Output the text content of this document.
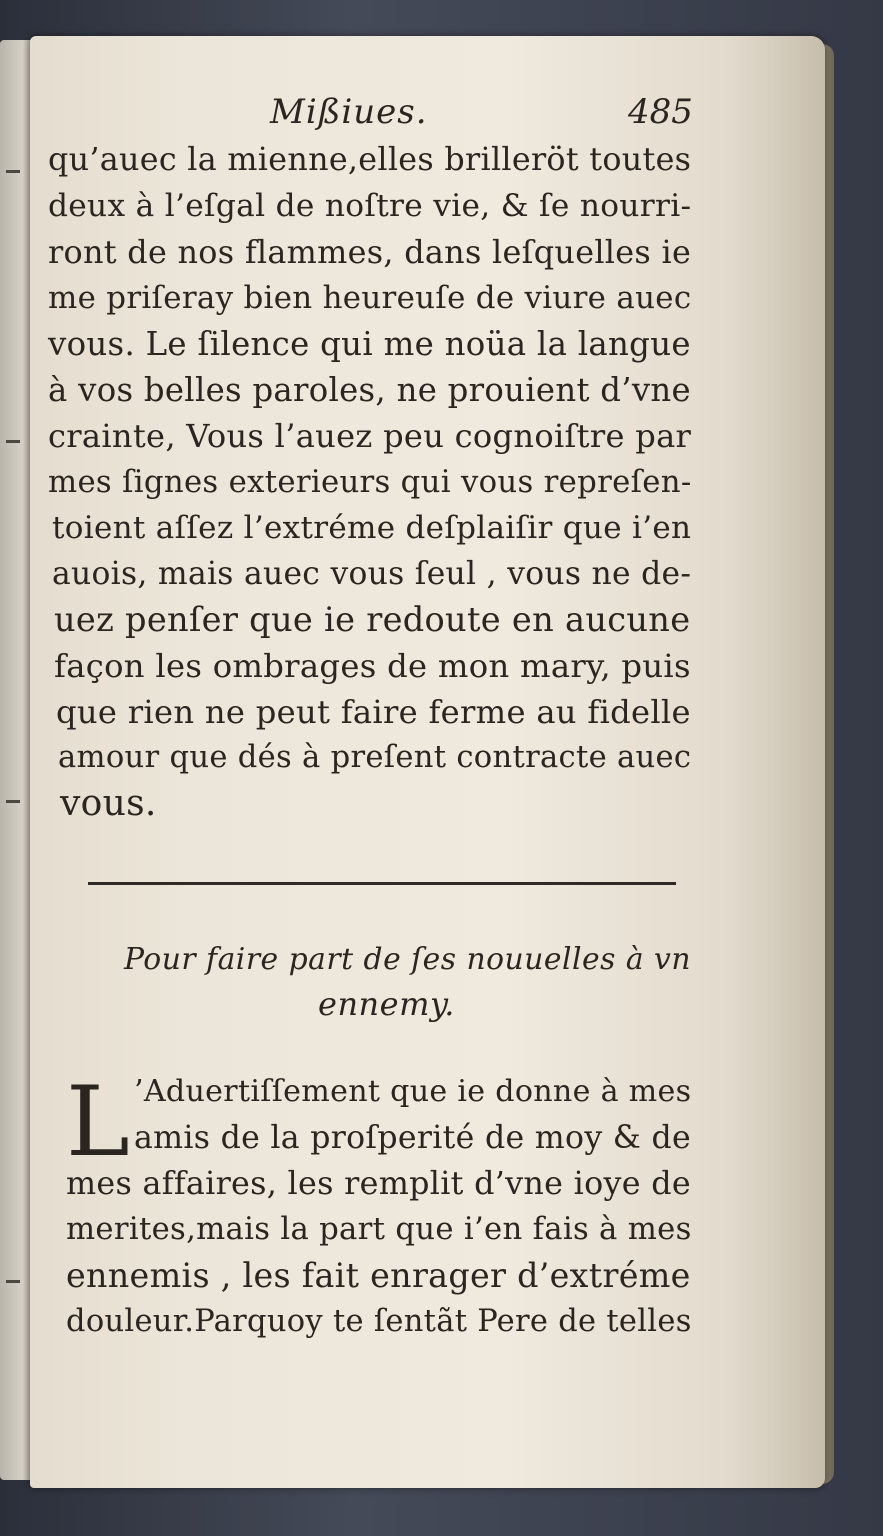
Mißiues.	485
qu’auec la mienne,elles brilleröt toutes
deux à l’eſgal de noſtre vie, & ſe nourri-
ront de nos flammes, dans leſquelles ie
me priſeray bien heureuſe de viure auec
vous. Le ſilence qui me noüa la langue
à vos belles paroles, ne prouient d’vne
crainte, Vous l’auez peu cognoiſtre par
mes ſignes exterieurs qui vous repreſen-
toient aſſez l’extréme deſplaiſir que i’en
auois, mais auec vous ſeul , vous ne de-
uez penſer que ie redoute en aucune
façon les ombrages de mon mary, puis
que rien ne peut faire ferme au fidelle
amour que dés à preſent contracte auec
vous.
Pour faire part de ſes nouuelles à vn
ennemy.
L ’Aduertiſſement que ie donne à mes
amis de la proſperité de moy & de
mes affaires, les remplit d’vne ioye de
merites,mais la part que i’en fais à mes
ennemis , les fait enrager d’extréme
douleur.Parquoy te ſentãt Pere de telles
